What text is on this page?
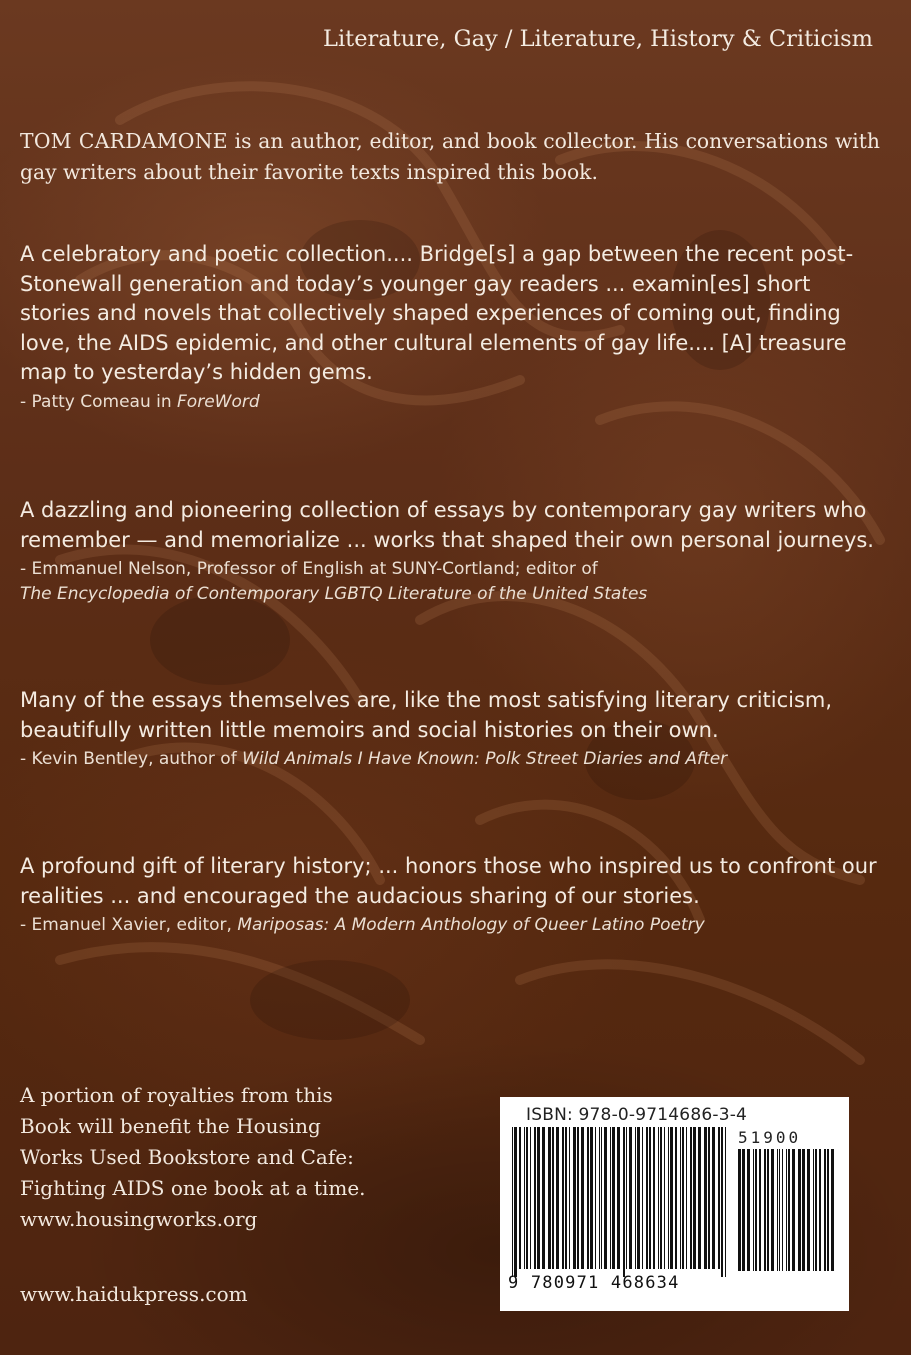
Literature, Gay / Literature, History & Criticism
TOM CARDAMONE is an author, editor, and book collector. His conversations with gay writers about their favorite texts inspired this book.

A celebratory and poetic collection.... Bridge[s] a gap between the recent post-Stonewall generation and today’s younger gay readers ... examin[es] short stories and novels that collectively shaped experiences of coming out, finding love, the AIDS epidemic, and other cultural elements of gay life.... [A] treasure map to yesterday’s hidden gems.

- Patty Comeau in ForeWord

A dazzling and pioneering collection of essays by contemporary gay writers who remember — and memorialize ... works that shaped their own personal journeys.

- Emmanuel Nelson, Professor of English at SUNY-Cortland; editor of
The Encyclopedia of Contemporary LGBTQ Literature of the United States

Many of the essays themselves are, like the most satisfying literary criticism, beautifully written little memoirs and social histories on their own.

- Kevin Bentley, author of Wild Animals I Have Known: Polk Street Diaries and After

A profound gift of literary history; ... honors those who inspired us to confront our realities ... and encouraged the audacious sharing of our stories.

- Emanuel Xavier, editor, Mariposas: A Modern Anthology of Queer Latino Poetry

A portion of royalties from this
Book will benefit the Housing
Works Used Bookstore and Cafe:
Fighting AIDS one book at a time.
www.housingworks.org
www.haidukpress.com
ISBN: 978-0-9714686-3-4
51900
9 780971 468634
